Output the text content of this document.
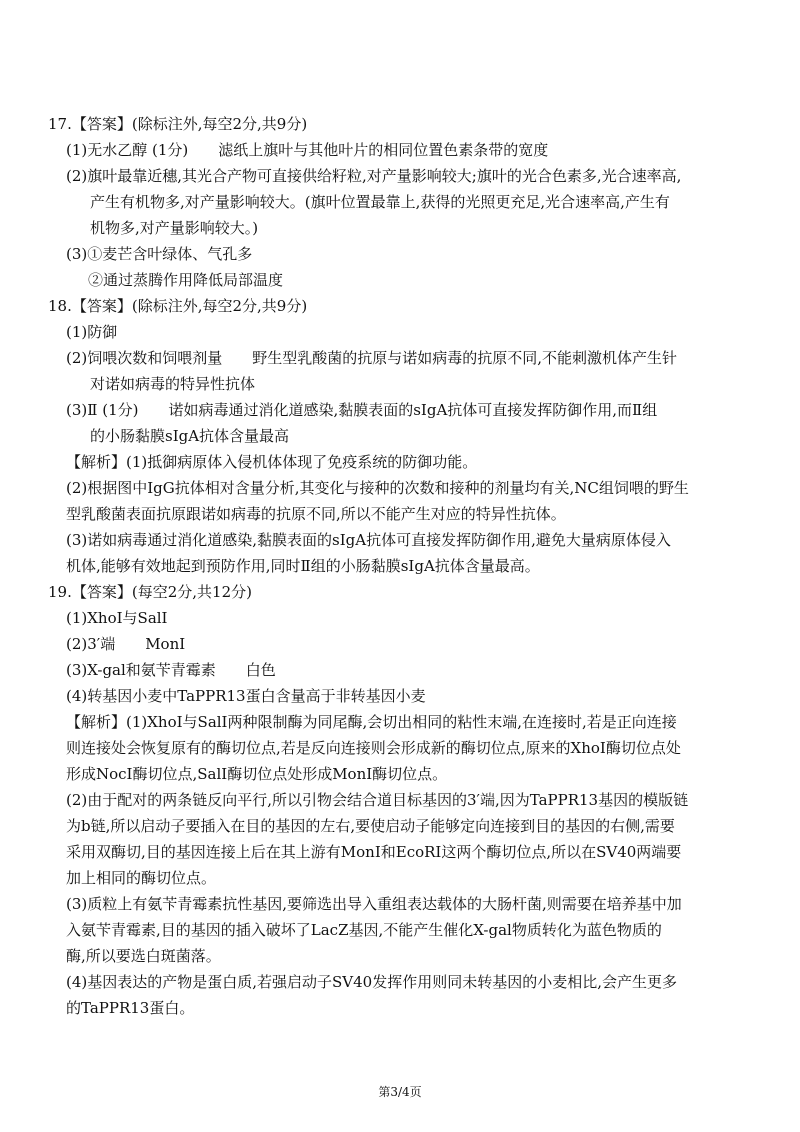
17.【答案】(除标注外,每空2分,共9分)
(1)无水乙醇 (1分)　　滤纸上旗叶与其他叶片的相同位置色素条带的宽度
(2)旗叶最靠近穗,其光合产物可直接供给籽粒,对产量影响较大;旗叶的光合色素多,光合速率高,
产生有机物多,对产量影响较大。(旗叶位置最靠上,获得的光照更充足,光合速率高,产生有
机物多,对产量影响较大。)
(3)①麦芒含叶绿体、气孔多
②通过蒸腾作用降低局部温度
18.【答案】(除标注外,每空2分,共9分)
(1)防御
(2)饲喂次数和饲喂剂量　　野生型乳酸菌的抗原与诺如病毒的抗原不同,不能刺激机体产生针
对诺如病毒的特异性抗体
(3)Ⅱ (1分)　　诺如病毒通过消化道感染,黏膜表面的sIgA抗体可直接发挥防御作用,而Ⅱ组
的小肠黏膜sIgA抗体含量最高
【解析】(1)抵御病原体入侵机体体现了免疫系统的防御功能。
(2)根据图中IgG抗体相对含量分析,其变化与接种的次数和接种的剂量均有关,NC组饲喂的野生
型乳酸菌表面抗原跟诺如病毒的抗原不同,所以不能产生对应的特异性抗体。
(3)诺如病毒通过消化道感染,黏膜表面的sIgA抗体可直接发挥防御作用,避免大量病原体侵入
机体,能够有效地起到预防作用,同时Ⅱ组的小肠黏膜sIgA抗体含量最高。
19.【答案】(每空2分,共12分)
(1)XhoⅠ与SalⅠ
(2)3′端　　MonⅠ
(3)X-gal和氨苄青霉素　　白色
(4)转基因小麦中TaPPR13蛋白含量高于非转基因小麦
【解析】(1)XhoⅠ与SalⅠ两种限制酶为同尾酶,会切出相同的粘性末端,在连接时,若是正向连接
则连接处会恢复原有的酶切位点,若是反向连接则会形成新的酶切位点,原来的XhoⅠ酶切位点处
形成NocⅠ酶切位点,SalⅠ酶切位点处形成MonⅠ酶切位点。
(2)由于配对的两条链反向平行,所以引物会结合道目标基因的3′端,因为TaPPR13基因的模版链
为b链,所以启动子要插入在目的基因的左右,要使启动子能够定向连接到目的基因的右侧,需要
采用双酶切,目的基因连接上后在其上游有MonⅠ和EcoRⅠ这两个酶切位点,所以在SV40两端要
加上相同的酶切位点。
(3)质粒上有氨苄青霉素抗性基因,要筛选出导入重组表达载体的大肠杆菌,则需要在培养基中加
入氨苄青霉素,目的基因的插入破坏了LacZ基因,不能产生催化X-gal物质转化为蓝色物质的
酶,所以要选白斑菌落。
(4)基因表达的产物是蛋白质,若强启动子SV40发挥作用则同未转基因的小麦相比,会产生更多
的TaPPR13蛋白。
第3/4页
